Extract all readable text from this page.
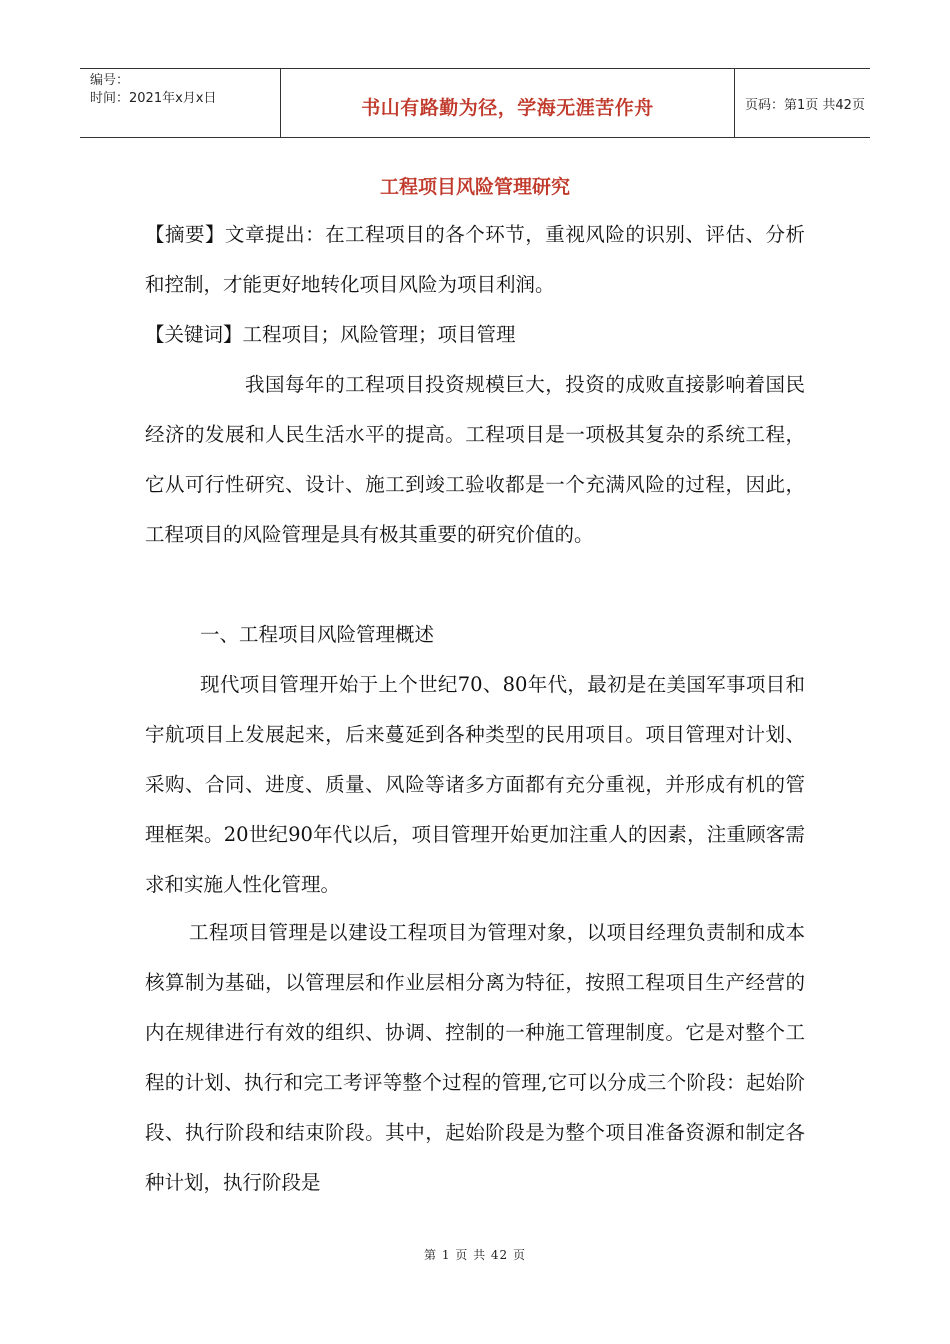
编号：
时间：2021年x月x日	书山有路勤为径，学海无涯苦作舟	页码：第1页 共42页
工程项目风险管理研究
【摘要】文章提出：在工程项目的各个环节，重视风险的识别、评估、分析和控制，才能更好地转化项目风险为项目利润。
【关键词】工程项目；风险管理；项目管理
我国每年的工程项目投资规模巨大，投资的成败直接影响着国民经济的发展和人民生活水平的提高。工程项目是一项极其复杂的系统工程，它从可行性研究、设计、施工到竣工验收都是一个充满风险的过程，因此，工程项目的风险管理是具有极其重要的研究价值的。
一、工程项目风险管理概述
现代项目管理开始于上个世纪70、80年代，最初是在美国军事项目和宇航项目上发展起来，后来蔓延到各种类型的民用项目。项目管理对计划、采购、合同、进度、质量、风险等诸多方面都有充分重视，并形成有机的管理框架。20世纪90年代以后，项目管理开始更加注重人的因素，注重顾客需求和实施人性化管理。
工程项目管理是以建设工程项目为管理对象，以项目经理负责制和成本核算制为基础，以管理层和作业层相分离为特征，按照工程项目生产经营的内在规律进行有效的组织、协调、控制的一种施工管理制度。它是对整个工程的计划、执行和完工考评等整个过程的管理,它可以分成三个阶段：起始阶段、执行阶段和结束阶段。其中，起始阶段是为整个项目准备资源和制定各种计划，执行阶段是
第 1 页 共 42 页
